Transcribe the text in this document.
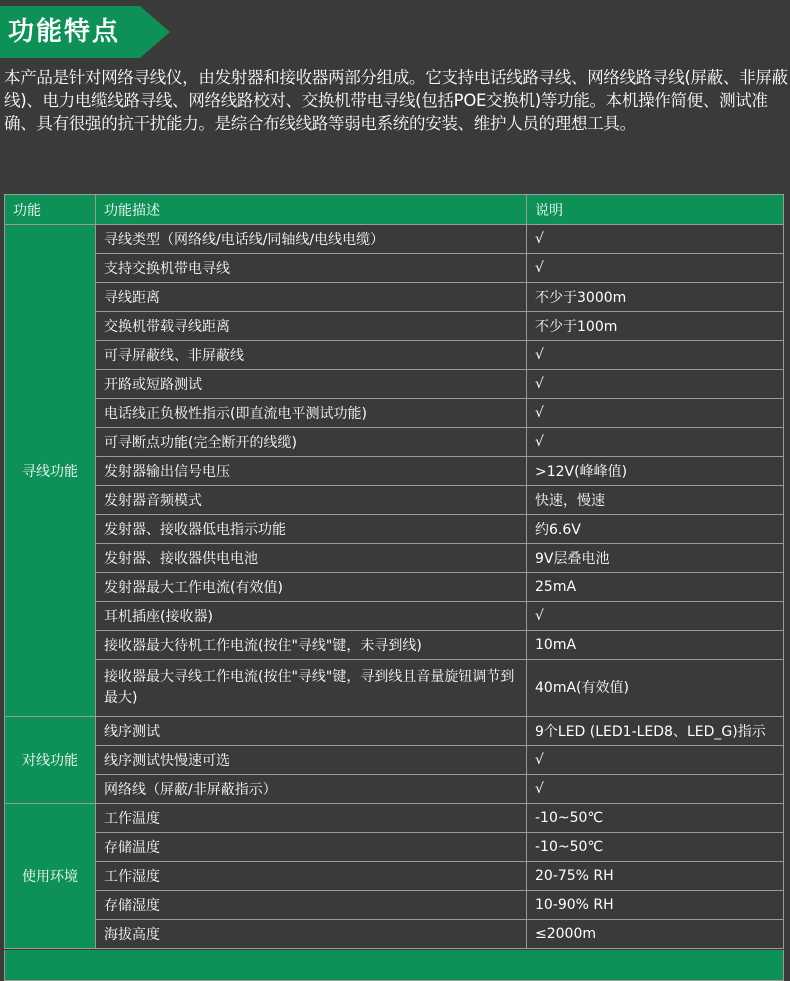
功能特点
本产品是针对网络寻线仪，由发射器和接收器两部分组成。它支持电话线路寻线、网络线路寻线(屏蔽、非屏蔽线)、电力电缆线路寻线、网络线路校对、交换机带电寻线(包括POE交换机)等功能。本机操作简便、测试准确、具有很强的抗干扰能力。是综合布线线路等弱电系统的安装、维护人员的理想工具。
功能	功能描述	说明
寻线功能	寻线类型（网络线/电话线/同轴线/电线电缆）	√
	支持交换机带电寻线	√
	寻线距离	不少于3000m
	交换机带载寻线距离	不少于100m
	可寻屏蔽线、非屏蔽线	√
	开路或短路测试	√
	电话线正负极性指示(即直流电平测试功能)	√
	可寻断点功能(完全断开的线缆)	√
	发射器输出信号电压	>12V(峰峰值)
	发射器音频模式	快速，慢速
	发射器、接收器低电指示功能	约6.6V
	发射器、接收器供电电池	9V层叠电池
	发射器最大工作电流(有效值)	25mA
	耳机插座(接收器)	√
	接收器最大待机工作电流(按住"寻线"键，未寻到线)	10mA
	接收器最大寻线工作电流(按住"寻线"键，寻到线且音量旋钮调节到最大)	40mA(有效值)
对线功能	线序测试	9个LED (LED1-LED8、LED_G)指示
	线序测试快慢速可选	√
	网络线（屏蔽/非屏蔽指示）	√
使用环境	工作温度	-10~50℃
	存储温度	-10~50℃
	工作湿度	20-75% RH
	存储湿度	10-90% RH
	海拔高度	≤2000m
